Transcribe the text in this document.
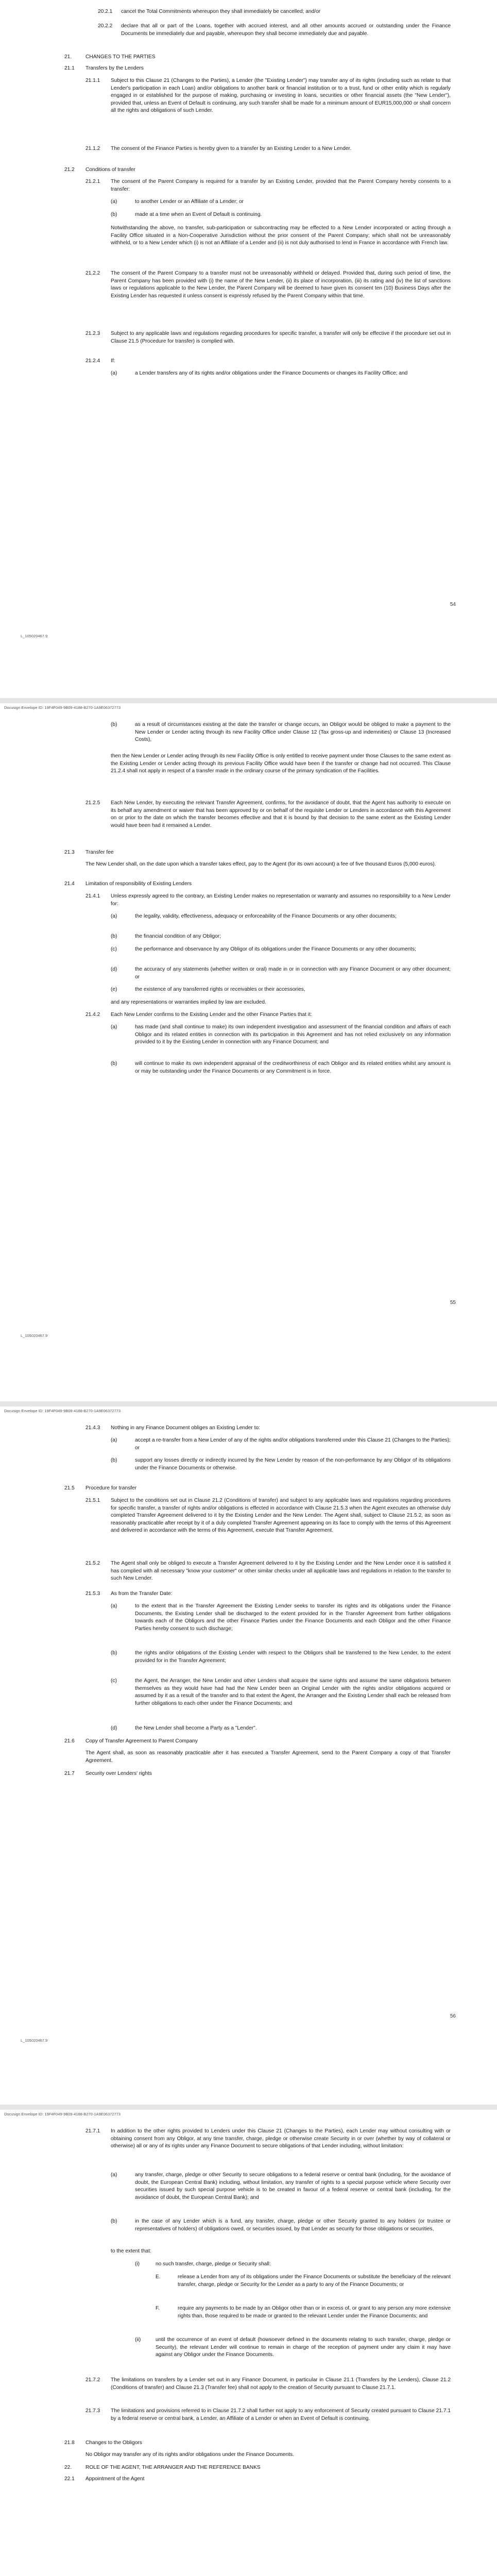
20.2.1 cancel the Total Commitments whereupon they shall immediately be cancelled; and/or
20.2.2 declare that all or part of the Loans, together with accrued interest, and all other amounts accrued or outstanding under the Finance Documents be immediately due and payable, whereupon they shall become immediately due and payable.
21.	CHANGES TO THE PARTIES
21.1 Transfers by the Lenders
21.1.1 Subject to this Clause 21 (Changes to the Parties), a Lender (the "Existing Lender") may transfer any of its rights (including such as relate to that Lender's participation in each Loan) and/or obligations to another bank or financial institution or to a trust, fund or other entity which is regularly engaged in or established for the purpose of making, purchasing or investing in loans, securities or other financial assets (the "New Lender"), provided that, unless an Event of Default is continuing, any such transfer shall be made for a minimum amount of EUR15,000,000 or shall concern all the rights and obligations of such Lender.
21.1.2 The consent of the Finance Parties is hereby given to a transfer by an Existing Lender to a New Lender.
21.2 Conditions of transfer
21.2.1 The consent of the Parent Company is required for a transfer by an Existing Lender, provided that the Parent Company hereby consents to a transfer:
(a)	to another Lender or an Affiliate of a Lender; or
(b)	made at a time when an Event of Default is continuing.
Notwithstanding the above, no transfer, sub-participation or subcontracting may be effected to a New Lender incorporated or acting through a Facility Office situated in a Non-Cooperative Jurisdiction without the prior consent of the Parent Company; which shall not be unreasonably withheld, or to a New Lender which (i) is not an Affiliate of a Lender and (ii) is not duly authorised to lend in France in accordance with French law.
21.2.2 The consent of the Parent Company to a transfer must not be unreasonably withheld or delayed. Provided that, during such period of time, the Parent Company has been provided with (i) the name of the New Lender, (ii) its place of incorporation, (iii) its rating and (iv) the list of sanctions laws or regulations applicable to the New Lender, the Parent Company will be deemed to have given its consent ten (10) Business Days after the Existing Lender has requested it unless consent is expressly refused by the Parent Company within that time.
21.2.3 Subject to any applicable laws and regulations regarding procedures for specific transfer, a transfer will only be effective if the procedure set out in Clause 21.5 (Procedure for transfer) is complied with.
21.2.4 If:
(a)	a Lender transfers any of its rights and/or obligations under the Finance Documents or changes its Facility Office; and
54
L_105020467.9
Docusign Envelope ID: 19F4F049-9B09-4188-B270-1A9E06372773
(b)	as a result of circumstances existing at the date the transfer or change occurs, an Obligor would be obliged to make a payment to the New Lender or Lender acting through its new Facility Office under Clause 12 (Tax gross-up and indemnities) or Clause 13 (Increased Costs),
then the New Lender or Lender acting through its new Facility Office is only entitled to receive payment under those Clauses to the same extent as the Existing Lender or Lender acting through its previous Facility Office would have been if the transfer or change had not occurred. This Clause 21.2.4 shall not apply in respect of a transfer made in the ordinary course of the primary syndication of the Facilities.
21.2.5 Each New Lender, by executing the relevant Transfer Agreement, confirms, for the avoidance of doubt, that the Agent has authority to execute on its behalf any amendment or waiver that has been approved by or on behalf of the requisite Lender or Lenders in accordance with this Agreement on or prior to the date on which the transfer becomes effective and that it is bound by that decision to the same extent as the Existing Lender would have been had it remained a Lender.
21.3 Transfer fee
The New Lender shall, on the date upon which a transfer takes effect, pay to the Agent (for its own account) a fee of five thousand Euros (5,000 euros).
21.4 Limitation of responsibility of Existing Lenders
21.4.1 Unless expressly agreed to the contrary, an Existing Lender makes no representation or warranty and assumes no responsibility to a New Lender for:
(a)	the legality, validity, effectiveness, adequacy or enforceability of the Finance Documents or any other documents;
(b)	the financial condition of any Obligor;
(c)	the performance and observance by any Obligor of its obligations under the Finance Documents or any other documents;
(d)	the accuracy of any statements (whether written or oral) made in or in connection with any Finance Document or any other document; or
(e)	the existence of any transferred rights or receivables or their accessories,
and any representations or warranties implied by law are excluded.
21.4.2 Each New Lender confirms to the Existing Lender and the other Finance Parties that it:
(a)	has made (and shall continue to make) its own independent investigation and assessment of the financial condition and affairs of each Obligor and its related entities in connection with its participation in this Agreement and has not relied exclusively on any information provided to it by the Existing Lender in connection with any Finance Document; and
(b)	will continue to make its own independent appraisal of the creditworthiness of each Obligor and its related entities whilst any amount is or may be outstanding under the Finance Documents or any Commitment is in force.
55
L_105020467.9
Docusign Envelope ID: 19F4F049-9B09-4188-B270-1A9E06372773
21.4.3 Nothing in any Finance Document obliges an Existing Lender to:
(a)	accept a re-transfer from a New Lender of any of the rights and/or obligations transferred under this Clause 21 (Changes to the Parties); or
(b)	support any losses directly or indirectly incurred by the New Lender by reason of the non-performance by any Obligor of its obligations under the Finance Documents or otherwise.
21.5 Procedure for transfer
21.5.1 Subject to the conditions set out in Clause 21.2 (Conditions of transfer) and subject to any applicable laws and regulations regarding procedures for specific transfer, a transfer of rights and/or obligations is effected in accordance with Clause 21.5.3 when the Agent executes an otherwise duly completed Transfer Agreement delivered to it by the Existing Lender and the New Lender. The Agent shall, subject to Clause 21.5.2, as soon as reasonably practicable after receipt by it of a duly completed Transfer Agreement appearing on its face to comply with the terms of this Agreement and delivered in accordance with the terms of this Agreement, execute that Transfer Agreement.
21.5.2 The Agent shall only be obliged to execute a Transfer Agreement delivered to it by the Existing Lender and the New Lender once it is satisfied it has complied with all necessary "know your customer" or other similar checks under all applicable laws and regulations in relation to the transfer to such New Lender.
21.5.3 As from the Transfer Date:
(a)	to the extent that in the Transfer Agreement the Existing Lender seeks to transfer its rights and its obligations under the Finance Documents, the Existing Lender shall be discharged to the extent provided for in the Transfer Agreement from further obligations towards each of the Obligors and the other Finance Parties under the Finance Documents and each Obligor and the other Finance Parties hereby consent to such discharge;
(b)	the rights and/or obligations of the Existing Lender with respect to the Obligors shall be transferred to the New Lender, to the extent provided for in the Transfer Agreement;
(c)	the Agent, the Arranger, the New Lender and other Lenders shall acquire the same rights and assume the same obligations between themselves as they would have had had the New Lender been an Original Lender with the rights and/or obligations acquired or assumed by it as a result of the transfer and to that extent the Agent, the Arranger and the Existing Lender shall each be released from further obligations to each other under the Finance Documents; and
(d)	the New Lender shall become a Party as a "Lender".
21.6 Copy of Transfer Agreement to Parent Company
The Agent shall, as soon as reasonably practicable after it has executed a Transfer Agreement, send to the Parent Company a copy of that Transfer Agreement.
21.7 Security over Lenders' rights
56
L_105020467.9
Docusign Envelope ID: 19F4F049-9B09-4188-B270-1A9E06372773
21.7.1 In addition to the other rights provided to Lenders under this Clause 21 (Changes to the Parties), each Lender may without consulting with or obtaining consent from any Obligor, at any time transfer, charge, pledge or otherwise create Security in or over (whether by way of collateral or otherwise) all or any of its rights under any Finance Document to secure obligations of that Lender including, without limitation:
(a)	any transfer, charge, pledge or other Security to secure obligations to a federal reserve or central bank (including, for the avoidance of doubt, the European Central Bank) including, without limitation, any transfer of rights to a special purpose vehicle where Security over securities issued by such special purpose vehicle is to be created in favour of a federal reserve or central bank (including, for the avoidance of doubt, the European Central Bank); and
(b)	in the case of any Lender which is a fund, any transfer, charge, pledge or other Security granted to any holders (or trustee or representatives of holders) of obligations owed, or securities issued, by that Lender as security for those obligations or securities,
to the extent that:
(i)	no such transfer, charge, pledge or Security shall:
E.	release a Lender from any of its obligations under the Finance Documents or substitute the beneficiary of the relevant transfer, charge, pledge or Security for the Lender as a party to any of the Finance Documents; or
F.	require any payments to be made by an Obligor other than or in excess of, or grant to any person any more extensive rights than, those required to be made or granted to the relevant Lender under the Finance Documents; and
(ii)	until the occurrence of an event of default (howsoever defined in the documents relating to such transfer, charge, pledge or Security), the relevant Lender will continue to remain in charge of the reception of payment under any claim it may have against any Obligor under the Finance Documents.
21.7.2 The limitations on transfers by a Lender set out in any Finance Document, in particular in Clause 21.1 (Transfers by the Lenders), Clause 21.2 (Conditions of transfer) and Clause 21.3 (Transfer fee) shall not apply to the creation of Security pursuant to Clause 21.7.1.
21.7.3 The limitations and provisions referred to in Clause 21.7.2 shall further not apply to any enforcement of Security created pursuant to Clause 21.7.1 by a federal reserve or central bank, a Lender, an Affiliate of a Lender or when an Event of Default is continuing.
21.8 Changes to the Obligors
No Obligor may transfer any of its rights and/or obligations under the Finance Documents.
22.	ROLE OF THE AGENT, THE ARRANGER AND THE REFERENCE BANKS
22.1 Appointment of the Agent
